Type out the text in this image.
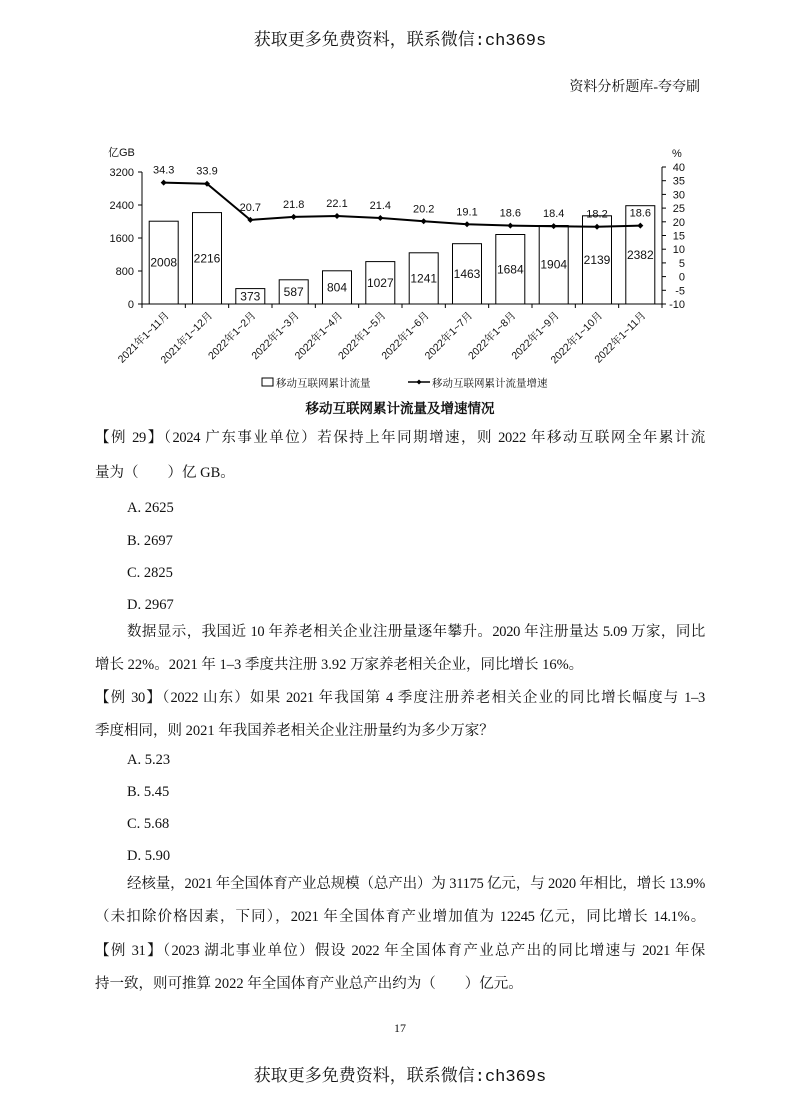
获取更多免费资料，联系微信:ch369s
资料分析题库-夸夸刷
亿GB	%
0
800
1600
2400
3200
-10
-5
0
5
10
15
20
25
30
35
40
2008 2216
373 587 804 1027 1241 1463 1684 1904 2139 2382
34.3 33.9
20.7 21.8 22.1 21.4 20.2 19.1 18.6 18.4 18.2 18.6
2021年1~11月
2021年1~12月
2022年1~2月
2022年1~3月
2022年1~4月
2022年1~5月
2022年1~6月
2022年1~7月
2022年1~8月
2022年1~9月
2022年1~10月
2022年1~11月
移动互联网累计流量	移动互联网累计流量增速
移动互联网累计流量及增速情况
【例 29】（2024 广东事业单位）若保持上年同期增速，则 2022 年移动互联网全年累计流
量为（　　）亿 GB。
A. 2625
B. 2697
C. 2825
D. 2967
数据显示，我国近 10 年养老相关企业注册量逐年攀升。2020 年注册量达 5.09 万家，同比
增长 22%。2021 年 1–3 季度共注册 3.92 万家养老相关企业，同比增长 16%。
【例 30】（2022 山东）如果 2021 年我国第 4 季度注册养老相关企业的同比增长幅度与 1–3
季度相同，则 2021 年我国养老相关企业注册量约为多少万家？
A. 5.23
B. 5.45
C. 5.68
D. 5.90
经核量，2021 年全国体育产业总规模（总产出）为 31175 亿元，与 2020 年相比，增长 13.9%
（未扣除价格因素，下同），2021 年全国体育产业增加值为 12245 亿元，同比增长 14.1%。
【例 31】（2023 湖北事业单位）假设 2022 年全国体育产业总产出的同比增速与 2021 年保
持一致，则可推算 2022 年全国体育产业总产出约为（　　）亿元。
17
获取更多免费资料，联系微信:ch369s
